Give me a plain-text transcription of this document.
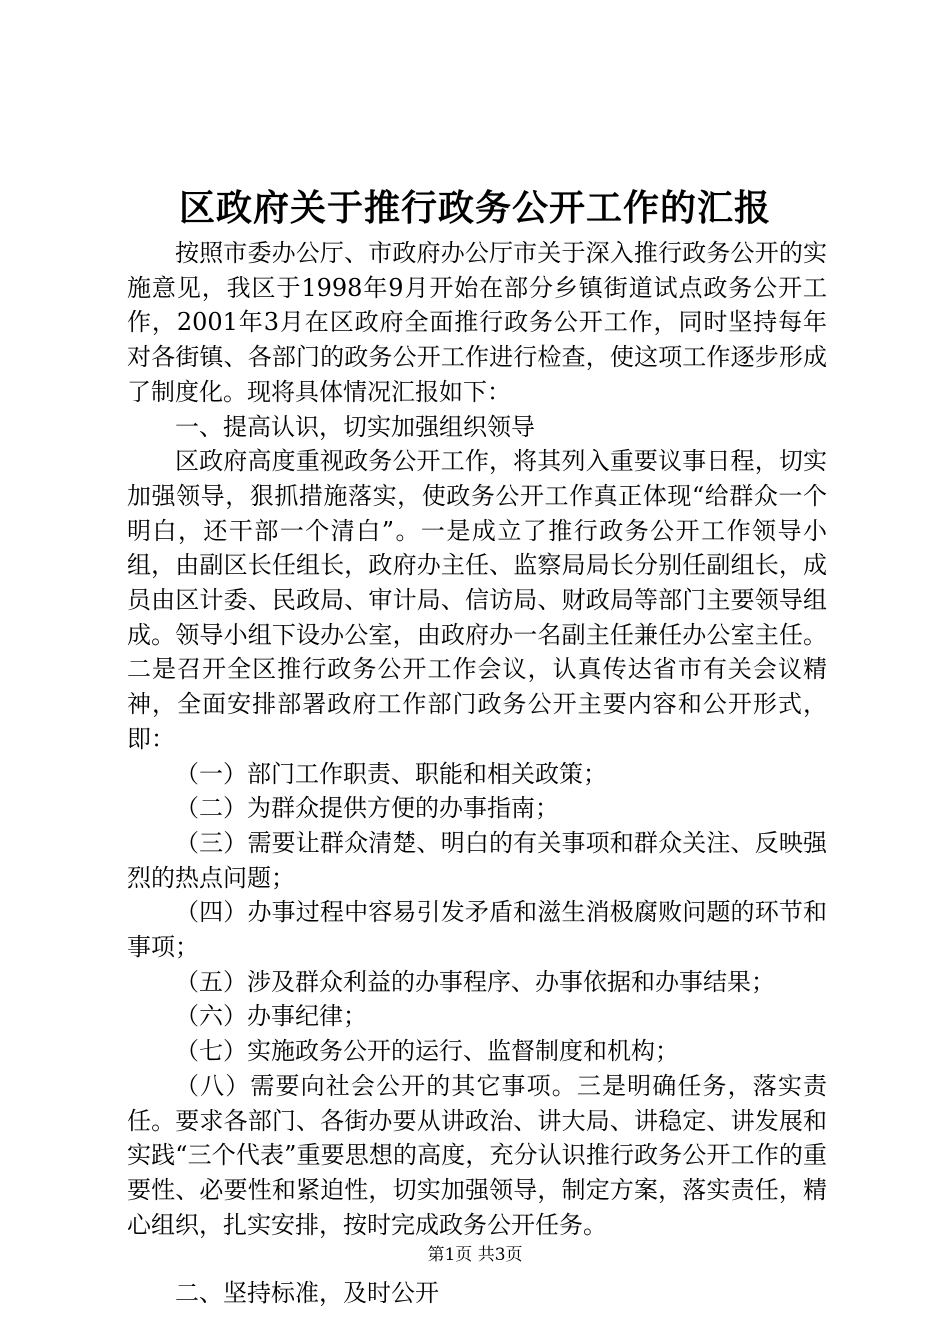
区政府关于推行政务公开工作的汇报

按照市委办公厅、市政府办公厅市关于深入推行政务公开的实施意见，我区于1998年9月开始在部分乡镇街道试点政务公开工作，2001年3月在区政府全面推行政务公开工作，同时坚持每年对各街镇、各部门的政务公开工作进行检查，使这项工作逐步形成了制度化。现将具体情况汇报如下：

一、提高认识，切实加强组织领导

区政府高度重视政务公开工作，将其列入重要议事日程，切实加强领导，狠抓措施落实，使政务公开工作真正体现“给群众一个明白，还干部一个清白”。一是成立了推行政务公开工作领导小组，由副区长任组长，政府办主任、监察局局长分别任副组长，成员由区计委、民政局、审计局、信访局、财政局等部门主要领导组成。领导小组下设办公室，由政府办一名副主任兼任办公室主任。二是召开全区推行政务公开工作会议，认真传达省市有关会议精神，全面安排部署政府工作部门政务公开主要内容和公开形式，即：

（一）部门工作职责、职能和相关政策；

（二）为群众提供方便的办事指南；

（三）需要让群众清楚、明白的有关事项和群众关注、反映强烈的热点问题；

（四）办事过程中容易引发矛盾和滋生消极腐败问题的环节和事项；

（五）涉及群众利益的办事程序、办事依据和办事结果；

（六）办事纪律；

（七）实施政务公开的运行、监督制度和机构；

（八）需要向社会公开的其它事项。三是明确任务，落实责任。要求各部门、各街办要从讲政治、讲大局、讲稳定、讲发展和实践“三个代表”重要思想的高度，充分认识推行政务公开工作的重要性、必要性和紧迫性，切实加强领导，制定方案，落实责任，精心组织，扎实安排，按时完成政务公开任务。

二、坚持标准，及时公开

第1页 共3页
